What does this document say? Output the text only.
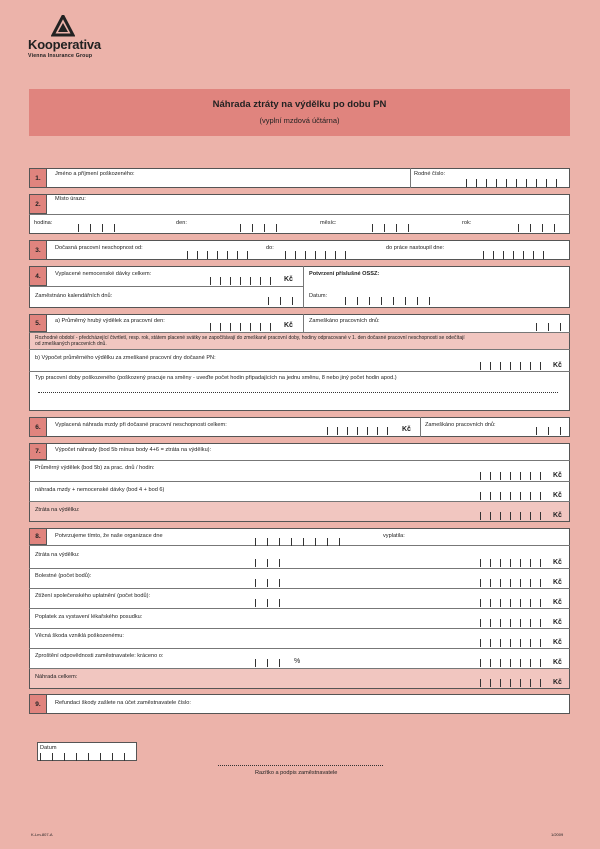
Kooperativa
Vienna Insurance Group
Náhrada ztráty na výdělku po dobu PN
(vyplní mzdová účtárna)
1.
Jméno a příjmení poškozeného:	Rodné číslo:
2.
Místo úrazu:
hodina:	den:	měsíc:	rok:
3.	Dočasná pracovní neschopnost od:	do:	do práce nastoupil dne:
4.	Vyplacené nemocenské dávky celkem:
Kč
Potvrzení příslušné OSSZ:
Zaměstnáno kalendářních dnů:	Datum:
5.	a) Průměrný hrubý výdělek za pracovní den:
Kč
Zameškáno pracovních dnů:
Rozhodné období - předcházející čtvrtletí, resp. rok, státem placené svátky se započítávají do zmeškané pracovní doby, hodiny odpracované v 1. den dočasné pracovní neschopnosti se odečítají
od zmeškaných pracovních dnů.
b) Výpočet průměrného výdělku za zmeškané pracovní dny dočasné PN:
Kč
Typ pracovní doby poškozeného (poškozený pracuje na směny - uveďte počet hodin připadajících na jednu směnu, 8 nebo jiný počet hodin apod.)
6.	Vyplacená náhrada mzdy při dočasné pracovní neschopnosti celkem:
Kč
Zameškáno pracovních dnů:
7.	Výpočet náhrady (bod 5b mínus body 4+6 = ztráta na výdělku):
Průměrný výdělek (bod 5b) za prac. dnů / hodin:
Kč
náhrada mzdy + nemocenské dávky (bod 4 + bod 6)
Kč
Ztráta na výdělku:
Kč
8.	Potvrzujeme tímto, že naše organizace dne	vyplatila:
Ztráta na výdělku:
Kč
Bolestné (počet bodů):
Kč
Ztížení společenského uplatnění (počet bodů):
Kč
Poplatek za vystavení lékařského posudku:
Kč
Věcná škoda vzniklá poškozenému:
Kč
Zproštění odpovědnosti zaměstnavatele: kráceno o:
%	Kč
Náhrada celkem:
Kč
9.	Refundaci škody zašlete na účet zaměstnavatele číslo:
Datum
Razítko a podpis zaměstnavatele
K-Lm-807-A	1/2009
